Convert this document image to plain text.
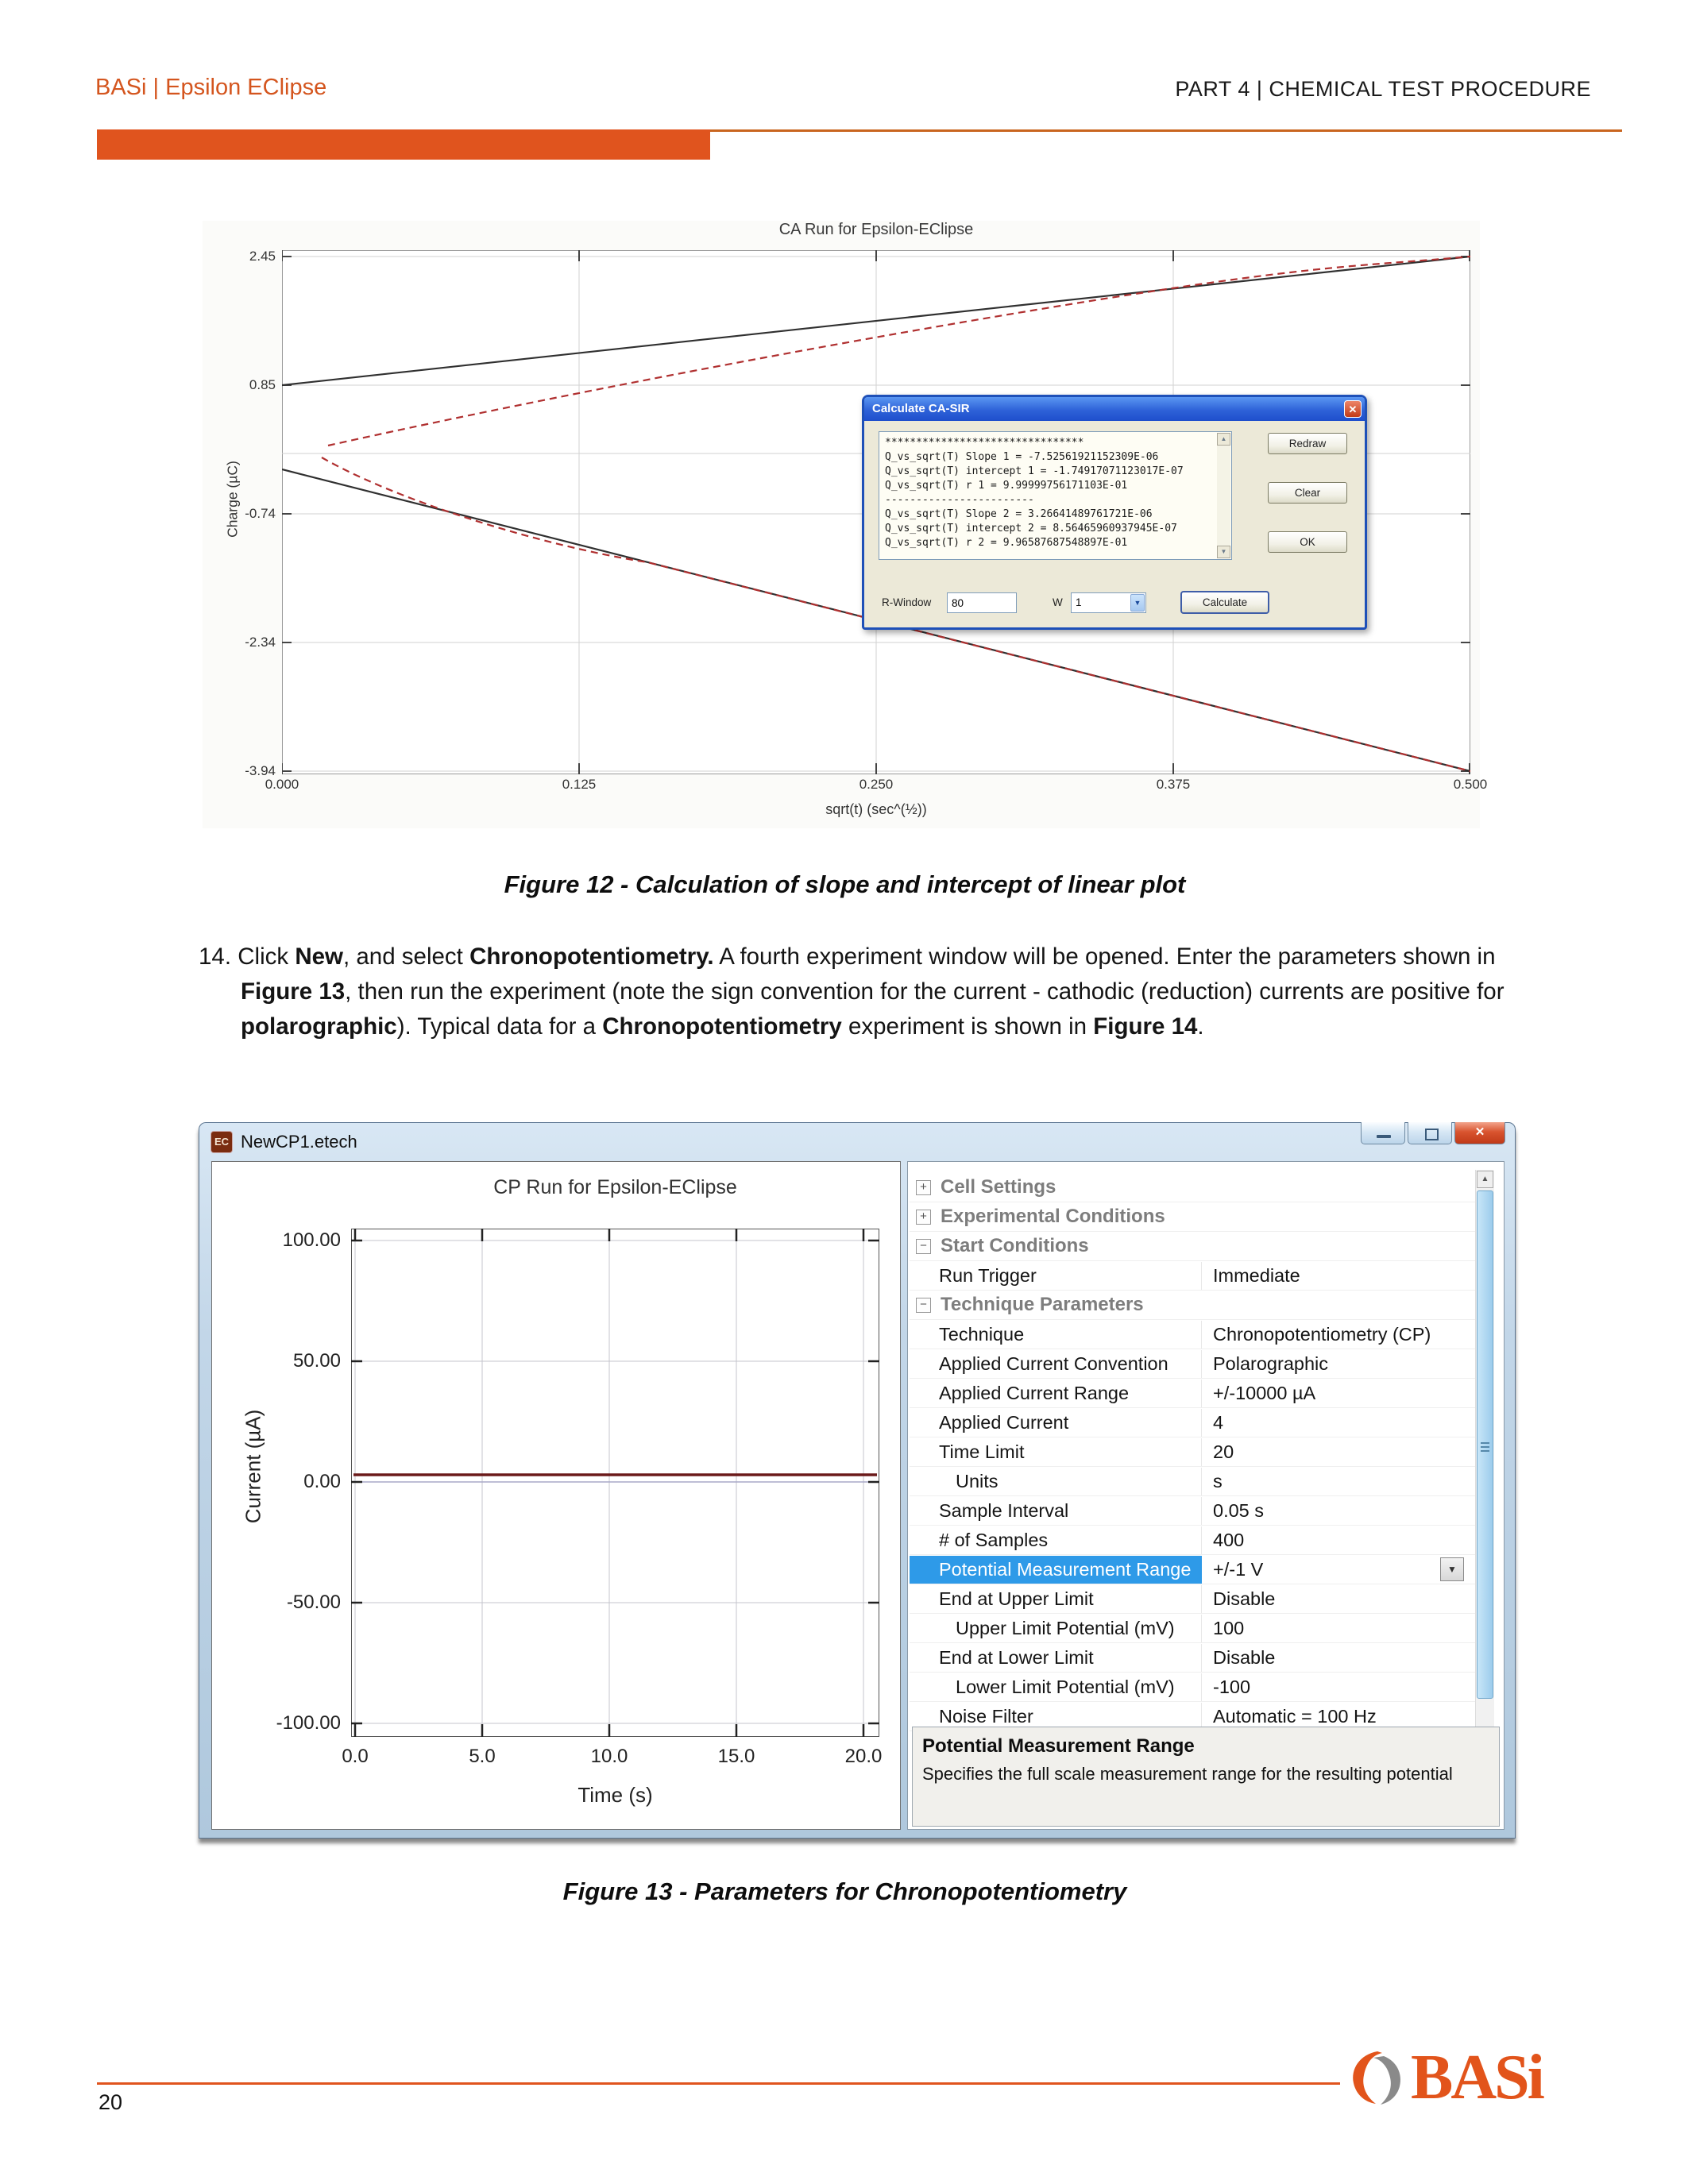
BASi | Epsilon EClipse	PART 4 | CHEMICAL TEST PROCEDURE
CA Run for Epsilon-EClipse
Charge (µC)
2.45
0.85
-0.74
-2.34
-3.94
0.000	0.125	0.250	0.375	0.500
sqrt(t) (sec^(½))
Calculate CA-SIR	✕
********************************
Q_vs_sqrt(T) Slope 1 = -7.52561921152309E-06
Q_vs_sqrt(T) intercept 1 = -1.74917071123017E-07
Q_vs_sqrt(T) r 1 = 9.99999756171103E-01
------------------------
Q_vs_sqrt(T) Slope 2 = 3.26641489761721E-06
Q_vs_sqrt(T) intercept 2 = 8.56465960937945E-07
Q_vs_sqrt(T) r 2 = 9.96587687548897E-01
▲
▼
Redraw
Clear
OK
R-Window
80	W	1	▼	Calculate
Figure 12 - Calculation of slope and intercept of linear plot
14. Click New, and select Chronopotentiometry. A fourth experiment window will be opened. Enter the parameters shown in Figure 13, then run the experiment (note the sign convention for the current - cathodic (reduction) currents are positive for polarographic). Typical data for a Chronopotentiometry experiment is shown in Figure 14.
EC NewCP1.etech	✕
CP Run for Epsilon-EClipse
Current (µA)
100.00
50.00
0.00
-50.00
-100.00
0.0	5.0	10.0	15.0	20.0
Time (s)
+ Cell Settings
+ Experimental Conditions
− Start Conditions
Run Trigger	Immediate
− Technique Parameters
Technique	Chronopotentiometry (CP)
Applied Current Convention	Polarographic
Applied Current Range	+/-10000 µA
Applied Current	4
Time Limit	20
Units	s
Sample Interval	0.05 s
# of Samples	400
Potential Measurement Range	+/-1 V	▼
End at Upper Limit	Disable
Upper Limit Potential (mV)	100
End at Lower Limit	Disable
Lower Limit Potential (mV)	-100
Noise Filter	Automatic = 100 Hz
▲
Potential Measurement Range
Specifies the full scale measurement range for the resulting potential
Figure 13 - Parameters for Chronopotentiometry
20	BASi
